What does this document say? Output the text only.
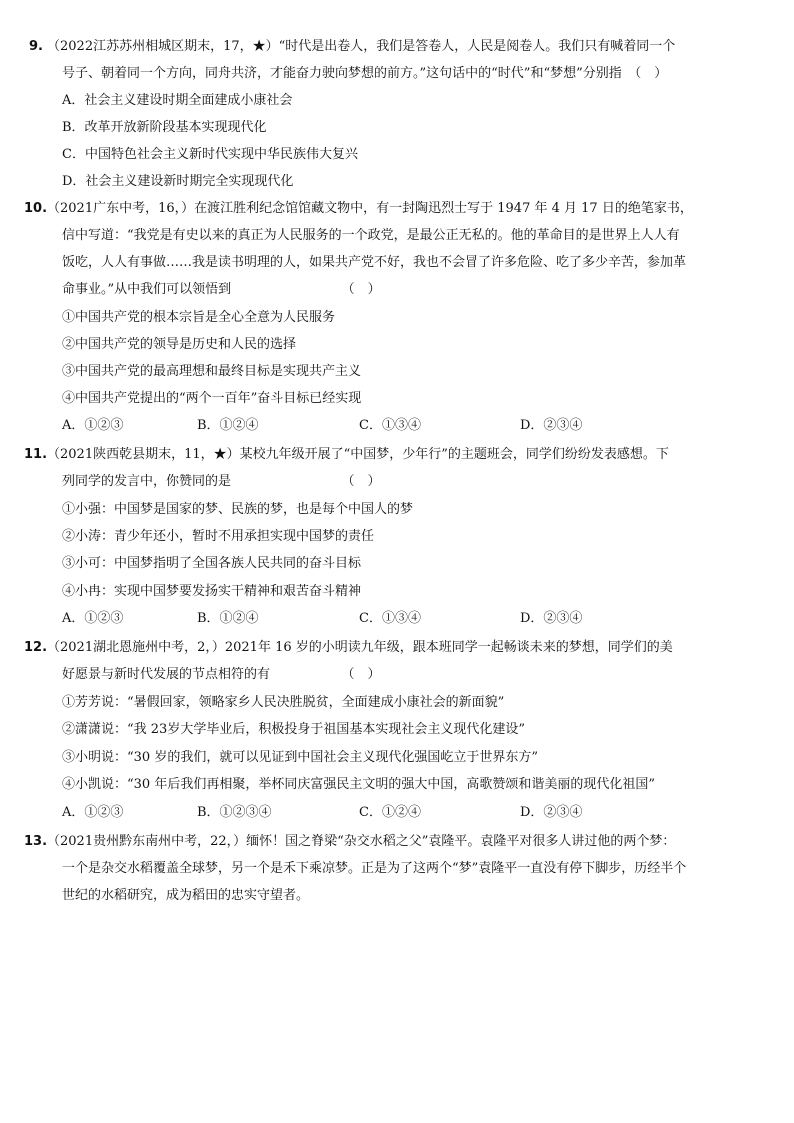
9. （2022江苏苏州相城区期末，17，★）“时代是出卷人，我们是答卷人，人民是阅卷人。我们只有喊着同一个
号子、朝着同一个方向，同舟共济，才能奋力驶向梦想的前方。”这句话中的“时代”和“梦想”分别指　（　）
A．社会主义建设时期全面建成小康社会
B．改革开放新阶段基本实现现代化
C．中国特色社会主义新时代实现中华民族伟大复兴
D．社会主义建设新时期完全实现现代化
10. （2021广东中考，16，）在渡江胜利纪念馆馆藏文物中，有一封陶迅烈士写于 1947 年 4 月 17 日的绝笔家书，
信中写道：“我党是有史以来的真正为人民服务的一个政党，是最公正无私的。他的革命目的是世界上人人有
饭吃，人人有事做……我是读书明理的人，如果共产党不好，我也不会冒了许多危险、吃了多少辛苦，参加革
命事业。”从中我们可以领悟到　　　　　　　　　（　）
①中国共产党的根本宗旨是全心全意为人民服务
②中国共产党的领导是历史和人民的选择
③中国共产党的最高理想和最终目标是实现共产主义
④中国共产党提出的“两个一百年”奋斗目标已经实现
A．①②③	B．①②④	C．①③④	D．②③④
11. （2021陕西乾县期末，11，★）某校九年级开展了“中国梦，少年行”的主题班会，同学们纷纷发表感想。下
列同学的发言中，你赞同的是　　　　　　　　　（　）
①小强：中国梦是国家的梦、民族的梦，也是每个中国人的梦
②小涛：青少年还小，暂时不用承担实现中国梦的责任
③小可：中国梦指明了全国各族人民共同的奋斗目标
④小冉：实现中国梦要发扬实干精神和艰苦奋斗精神
A．①②③	B．①②④	C．①③④	D．②③④
12. （2021湖北恩施州中考，2，）2021年 16 岁的小明读九年级，跟本班同学一起畅谈未来的梦想，同学们的美
好愿景与新时代发展的节点相符的有　　　　　　（　）
①芳芳说：“暑假回家，领略家乡人民决胜脱贫，全面建成小康社会的新面貌”
②潇潇说：“我 23岁大学毕业后，积极投身于祖国基本实现社会主义现代化建设”
③小明说：“30 岁的我们，就可以见证到中国社会主义现代化强国屹立于世界东方”
④小凯说：“30 年后我们再相聚，举杯同庆富强民主文明的强大中国，高歌赞颂和谐美丽的现代化祖国”
A．①②③	B．①②③④	C．①②④	D．②③④
13. （2021贵州黔东南州中考，22，）缅怀！国之脊梁“杂交水稻之父”袁隆平。袁隆平对很多人讲过他的两个梦：
一个是杂交水稻覆盖全球梦，另一个是禾下乘凉梦。正是为了这两个“梦”袁隆平一直没有停下脚步，历经半个
世纪的水稻研究，成为稻田的忠实守望者。
